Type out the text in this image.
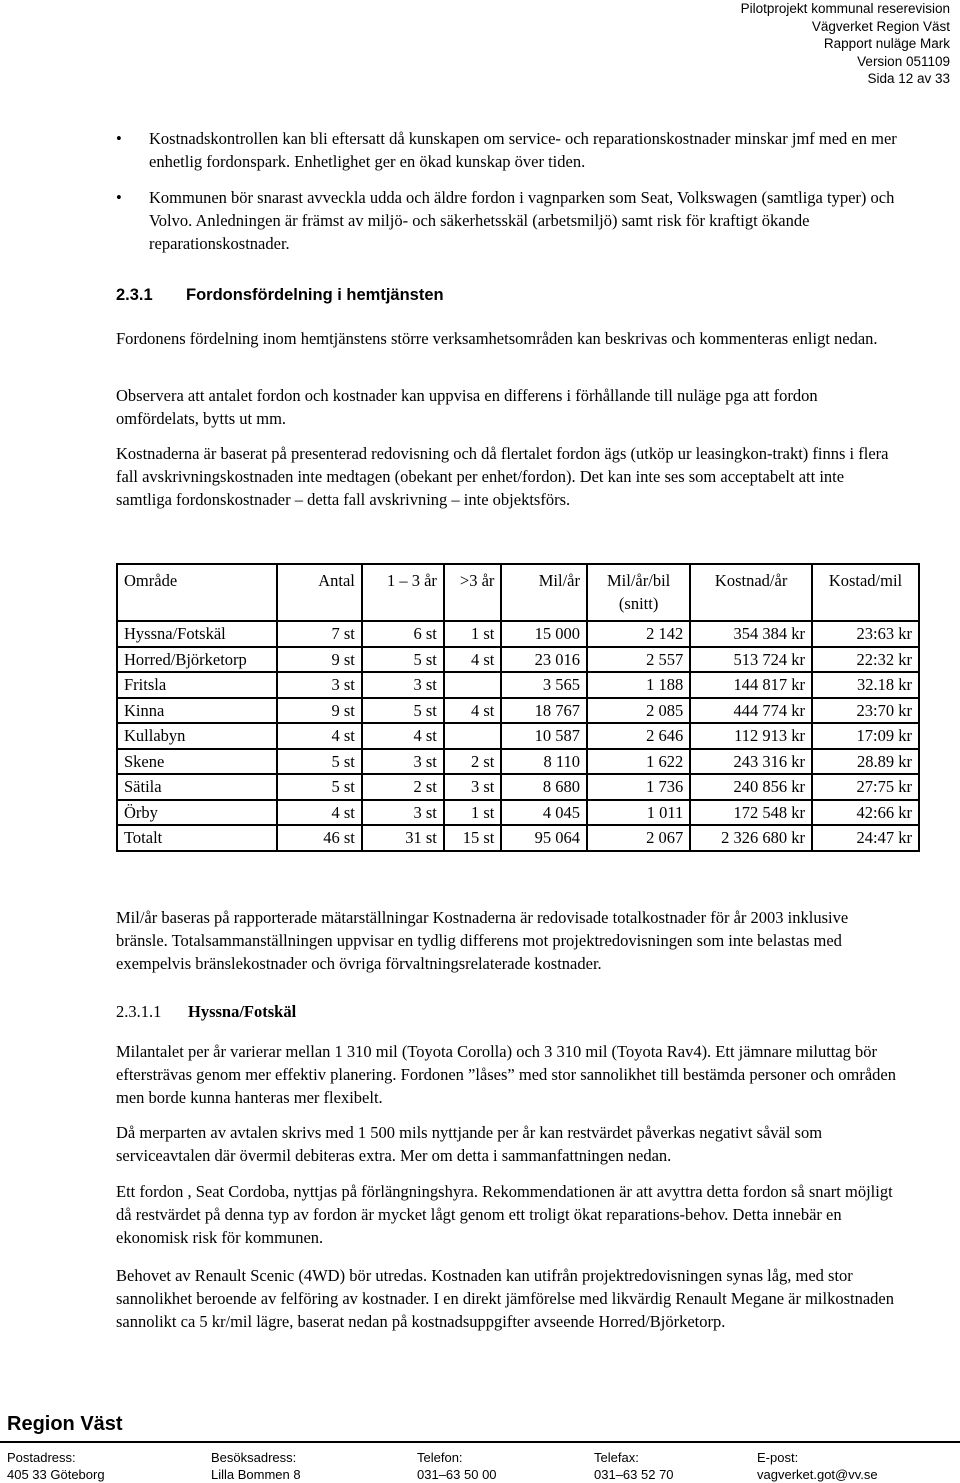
Pilotprojekt kommunal reserevision
Vägverket Region Väst
Rapport nuläge Mark
Version 051109
Sida 12 av 33
• Kostnadskontrollen kan bli eftersatt då kunskapen om service- och reparationskostnader minskar jmf med en mer enhetlig fordonspark. Enhetlighet ger en ökad kunskap över tiden.
• Kommunen bör snarast avveckla udda och äldre fordon i vagnparken som Seat, Volkswagen (samtliga typer) och Volvo. Anledningen är främst av miljö- och säkerhetsskäl (arbetsmiljö) samt risk för kraftigt ökande reparationskostnader.
2.3.1 Fordonsfördelning i hemtjänsten
Fordonens fördelning inom hemtjänstens större verksamhetsområden kan beskrivas och kommenteras enligt nedan.
Observera att antalet fordon och kostnader kan uppvisa en differens i förhållande till nuläge pga att fordon omfördelats, bytts ut mm.
Kostnaderna är baserat på presenterad redovisning och då flertalet fordon ägs (utköp ur leasingkon-trakt) finns i flera fall avskrivningskostnaden inte medtagen (obekant per enhet/fordon). Det kan inte ses som acceptabelt att inte samtliga fordonskostnader – detta fall avskrivning – inte objektsförs.
Område	Antal	1 – 3 år	>3 år	Mil/år	Mil/år/bil (snitt)	Kostnad/år	Kostad/mil
Hyssna/Fotskäl	7 st	6 st	1 st	15 000	2 142	354 384 kr	23:63 kr
Horred/Björketorp	9 st	5 st	4 st	23 016	2 557	513 724 kr	22:32 kr
Fritsla	3 st	3 st		3 565	1 188	144 817 kr	32.18 kr
Kinna	9 st	5 st	4 st	18 767	2 085	444 774 kr	23:70 kr
Kullabyn	4 st	4 st		10 587	2 646	112 913 kr	17:09 kr
Skene	5 st	3 st	2 st	8 110	1 622	243 316 kr	28.89 kr
Sätila	5 st	2 st	3 st	8 680	1 736	240 856 kr	27:75 kr
Örby	4 st	3 st	1 st	4 045	1 011	172 548 kr	42:66 kr
Totalt	46 st	31 st	15 st	95 064	2 067	2 326 680 kr	24:47 kr
Mil/år baseras på rapporterade mätarställningar Kostnaderna är redovisade totalkostnader för år 2003 inklusive bränsle. Totalsammanställningen uppvisar en tydlig differens mot projektredovisningen som inte belastas med exempelvis bränslekostnader och övriga förvaltningsrelaterade kostnader.
2.3.1.1 Hyssna/Fotskäl
Milantalet per år varierar mellan 1 310 mil (Toyota Corolla) och 3 310 mil (Toyota Rav4). Ett jämnare miluttag bör eftersträvas genom mer effektiv planering. Fordonen ”låses” med stor sannolikhet till bestämda personer och områden men borde kunna hanteras mer flexibelt.
Då merparten av avtalen skrivs med 1 500 mils nyttjande per år kan restvärdet påverkas negativt såväl som serviceavtalen där övermil debiteras extra. Mer om detta i sammanfattningen nedan.
Ett fordon , Seat Cordoba, nyttjas på förlängningshyra. Rekommendationen är att avyttra detta fordon så snart möjligt då restvärdet på denna typ av fordon är mycket lågt genom ett troligt ökat reparations-behov. Detta innebär en ekonomisk risk för kommunen.
Behovet av Renault Scenic (4WD) bör utredas. Kostnaden kan utifrån projektredovisningen synas låg, med stor sannolikhet beroende av felföring av kostnader. I en direkt jämförelse med likvärdig Renault Megane är milkostnaden sannolikt ca 5 kr/mil lägre, baserat nedan på kostnadsuppgifter avseende Horred/Björketorp.
Region Väst
Postadress:
405 33 Göteborg
Besöksadress:
Lilla Bommen 8
Telefon:
031–63 50 00
Telefax:
031–63 52 70
E-post:
vagverket.got@vv.se
